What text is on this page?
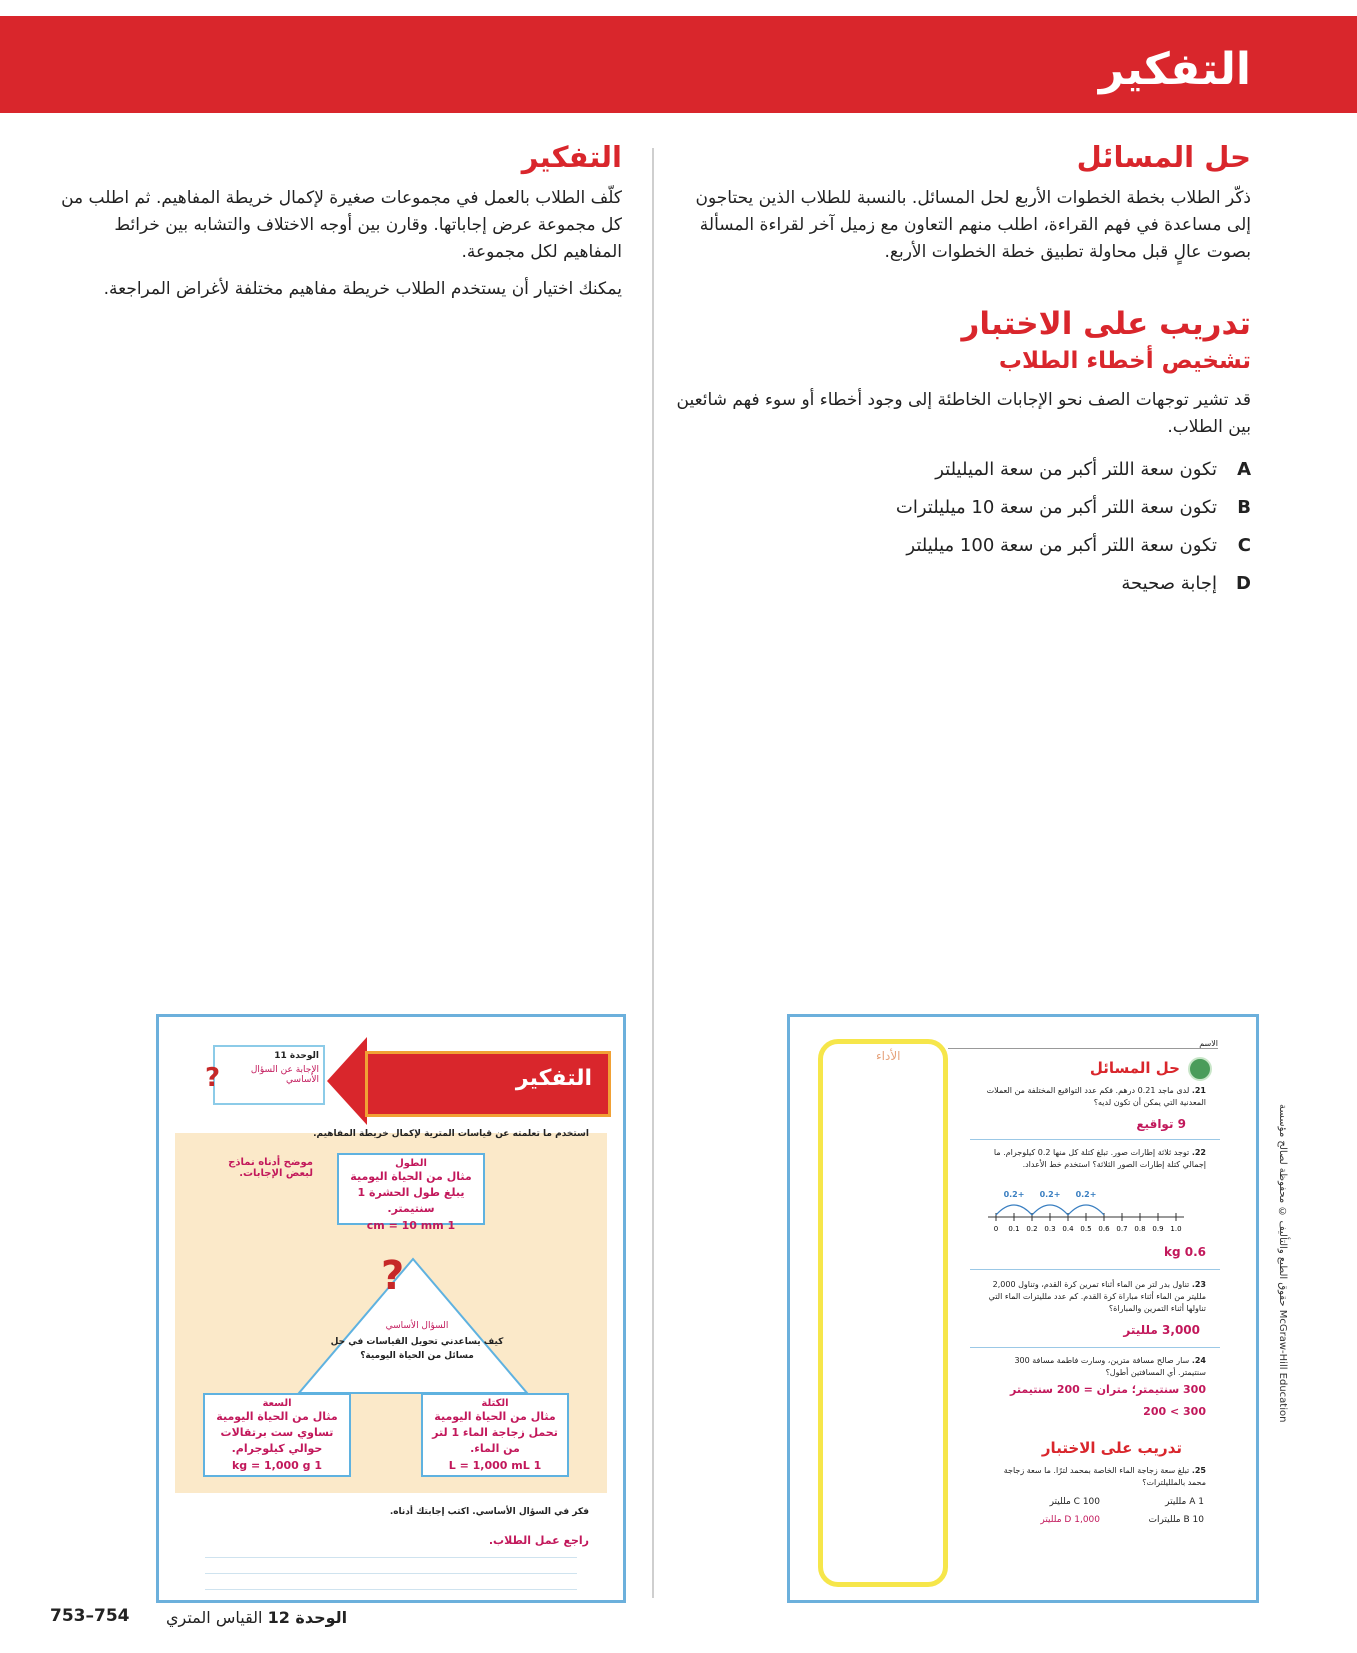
التفكير
حل المسائل

ذكّر الطلاب بخطة الخطوات الأربع لحل المسائل. بالنسبة للطلاب الذين يحتاجون إلى مساعدة في فهم القراءة، اطلب منهم التعاون مع زميل آخر لقراءة المسألة بصوت عالٍ قبل محاولة تطبيق خطة الخطوات الأربع.

تدريب على الاختبار
تشخيص أخطاء الطلاب

قد تشير توجهات الصف نحو الإجابات الخاطئة إلى وجود أخطاء أو سوء فهم شائعين بين الطلاب.

A
تكون سعة اللتر أكبر من سعة الميليلتر
B
تكون سعة اللتر أكبر من سعة 10 ميليلترات
C
تكون سعة اللتر أكبر من سعة 100 ميليلتر
D
إجابة صحيحة
التفكير

كلّف الطلاب بالعمل في مجموعات صغيرة لإكمال خريطة المفاهيم. ثم اطلب من كل مجموعة عرض إجاباتها. وقارن بين أوجه الاختلاف والتشابه بين خرائط المفاهيم لكل مجموعة.

يمكنك اختيار أن يستخدم الطلاب خريطة مفاهيم مختلفة لأغراض المراجعة.

التفكير
الوحدة 11
الإجابة عن السؤال الأساسي
?
استخدم ما تعلمته عن قياسات المترية لإكمال خريطة المفاهيم.
موضح أدناه نماذج لبعض الإجابات.
الطول
مثال من الحياة اليومية
يبلغ طول الحشرة 1 سنتيمتر.
1 cm = 10 mm
?
السؤال الأساسي
كيف يساعدني تحويل القياسات في حل مسائل من الحياة اليومية؟
السعة
مثال من الحياة اليومية
تساوي ست برتقالات حوالي كيلوجرام.
1 kg = 1,000 g
الكتلة
مثال من الحياة اليومية
تحمل زجاجة الماء 1 لتر من الماء.
1 L = 1,000 mL
فكر في السؤال الأساسي. اكتب إجابتك أدناه.
راجع عمل الطلاب.
الأداء
الاسم
حل المسائل
21. لدى ماجد 0.21 درهم. فكم عدد التواقيع المختلفة من العملات المعدنية التي يمكن أن تكون لديه؟
9 تواقيع
22. توجد ثلاثة إطارات صور. تبلغ كتلة كل منها 0.2 كيلوجرام. ما إجمالي كتلة إطارات الصور الثلاثة؟ استخدم خط الأعداد.
0 0.1 0.2 0.3 0.4 0.5 0.6 0.7 0.8 0.9 1.0
+0.2 +0.2 +0.2
0.6 kg
23. تناول بدر لتر من الماء أثناء تمرين كرة القدم، وتناول 2,000 ملليتر من الماء أثناء مباراة كرة القدم. كم عدد ملليترات الماء التي تناولها أثناء التمرين والمباراة؟
3,000 ملليتر
24. سار صالح مسافة مترين، وسارت فاطمة مسافة 300 سنتيمتر. أي المسافتين أطول؟
300 سنتيمتر؛ متران = 200 سنتيمتر
300 > 200
تدريب على الاختبار
25. تبلغ سعة زجاجة الماء الخاصة بمحمد لترًا. ما سعة زجاجة محمد بالملليلترات؟
A 1 ملليتر
C 100 ملليتر
B 10 ملليترات
D 1,000 ملليتر
حقوق الطبع والتأليف © محفوظة لصالح مؤسسة McGraw-Hill Education
الوحدة 12 القياس المتري
753–754
